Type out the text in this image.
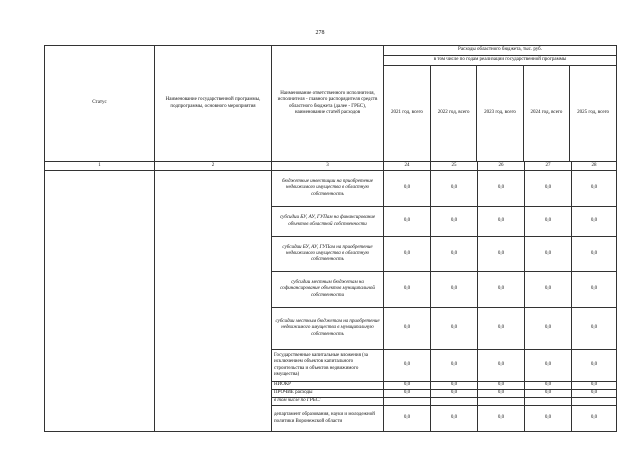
278
Статус	Наименование государственной программы, подпрограммы, основного мероприятия	Наименование ответственного исполнителя, исполнителя - главного распорядителя средств областного бюджета (далее - ГРБС), наименование статей расходов	Расходы областного бюджета, тыс. руб.

в том числе по годам реализации государственной программы
2021 год, всего	2022 год, всего	2023 год, всего	2024 год, всего	2025 год, всего

1	2	3	24	25	26	27	28
		бюджетные инвестиции на приобретение недвижимого имущества в областную собственность	0,0	0,0	0,0	0,0	0,0
субсидии БУ, АУ, ГУПам на финансирование объектов областной собственности	0,0	0,0	0,0	0,0	0,0
субсидии БУ, АУ, ГУПам на приобретение недвижимого имущества в областную собственность	0,0	0,0	0,0	0,0	0,0
субсидии местным бюджетам на софинансирование объектов муниципальной собственности	0,0	0,0	0,0	0,0	0,0
субсидии местным бюджетам на приобретение недвижимого имущества в муниципальную собственность	0,0	0,0	0,0	0,0	0,0
Государственные капитальные вложения (за исключением объектов капитального строительства и объектов недвижимого имущества)	0,0	0,0	0,0	0,0	0,0
НИОКР	0,0	0,0	0,0	0,0	0,0
ПРОЧИЕ расходы	0,0	0,0	0,0	0,0	0,0
в том числе по ГРБС:					
департамент образования, науки и молодежной политики Воронежской области	0,0	0,0	0,0	0,0	0,0
